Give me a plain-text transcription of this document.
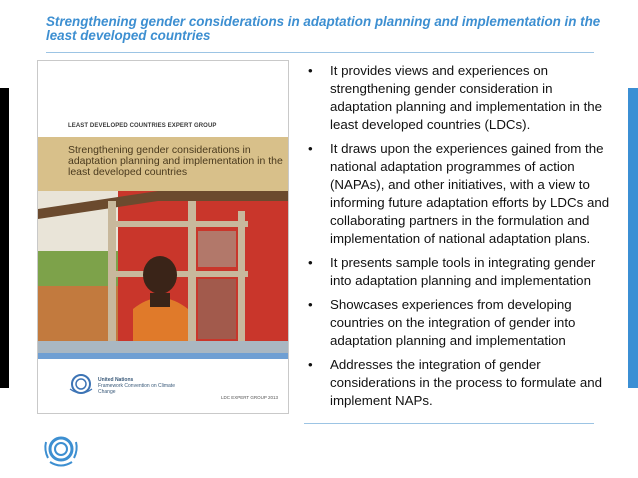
Strengthening gender considerations in adaptation planning and implementation in the least developed countries
LEAST DEVELOPED COUNTRIES EXPERT GROUP
Strengthening gender considerations in adaptation planning and implementation in the least developed countries
United Nations
Framework Convention on Climate Change
LDC EXPERT GROUP 2013
• It provides views and experiences on strengthening gender consideration in adaptation planning and implementation in the least developed countries (LDCs).
• It draws upon the experiences gained from the national adaptation programmes of action (NAPAs), and other initiatives, with a view to informing future adaptation efforts by LDCs and collaborating partners in the formulation and implementation of national adaptation plans.
• It presents sample tools in integrating gender into adaptation planning and implementation
• Showcases experiences from developing countries on the integration of gender into adaptation planning and implementation
• Addresses the integration of gender considerations in the process to formulate and implement NAPs.
